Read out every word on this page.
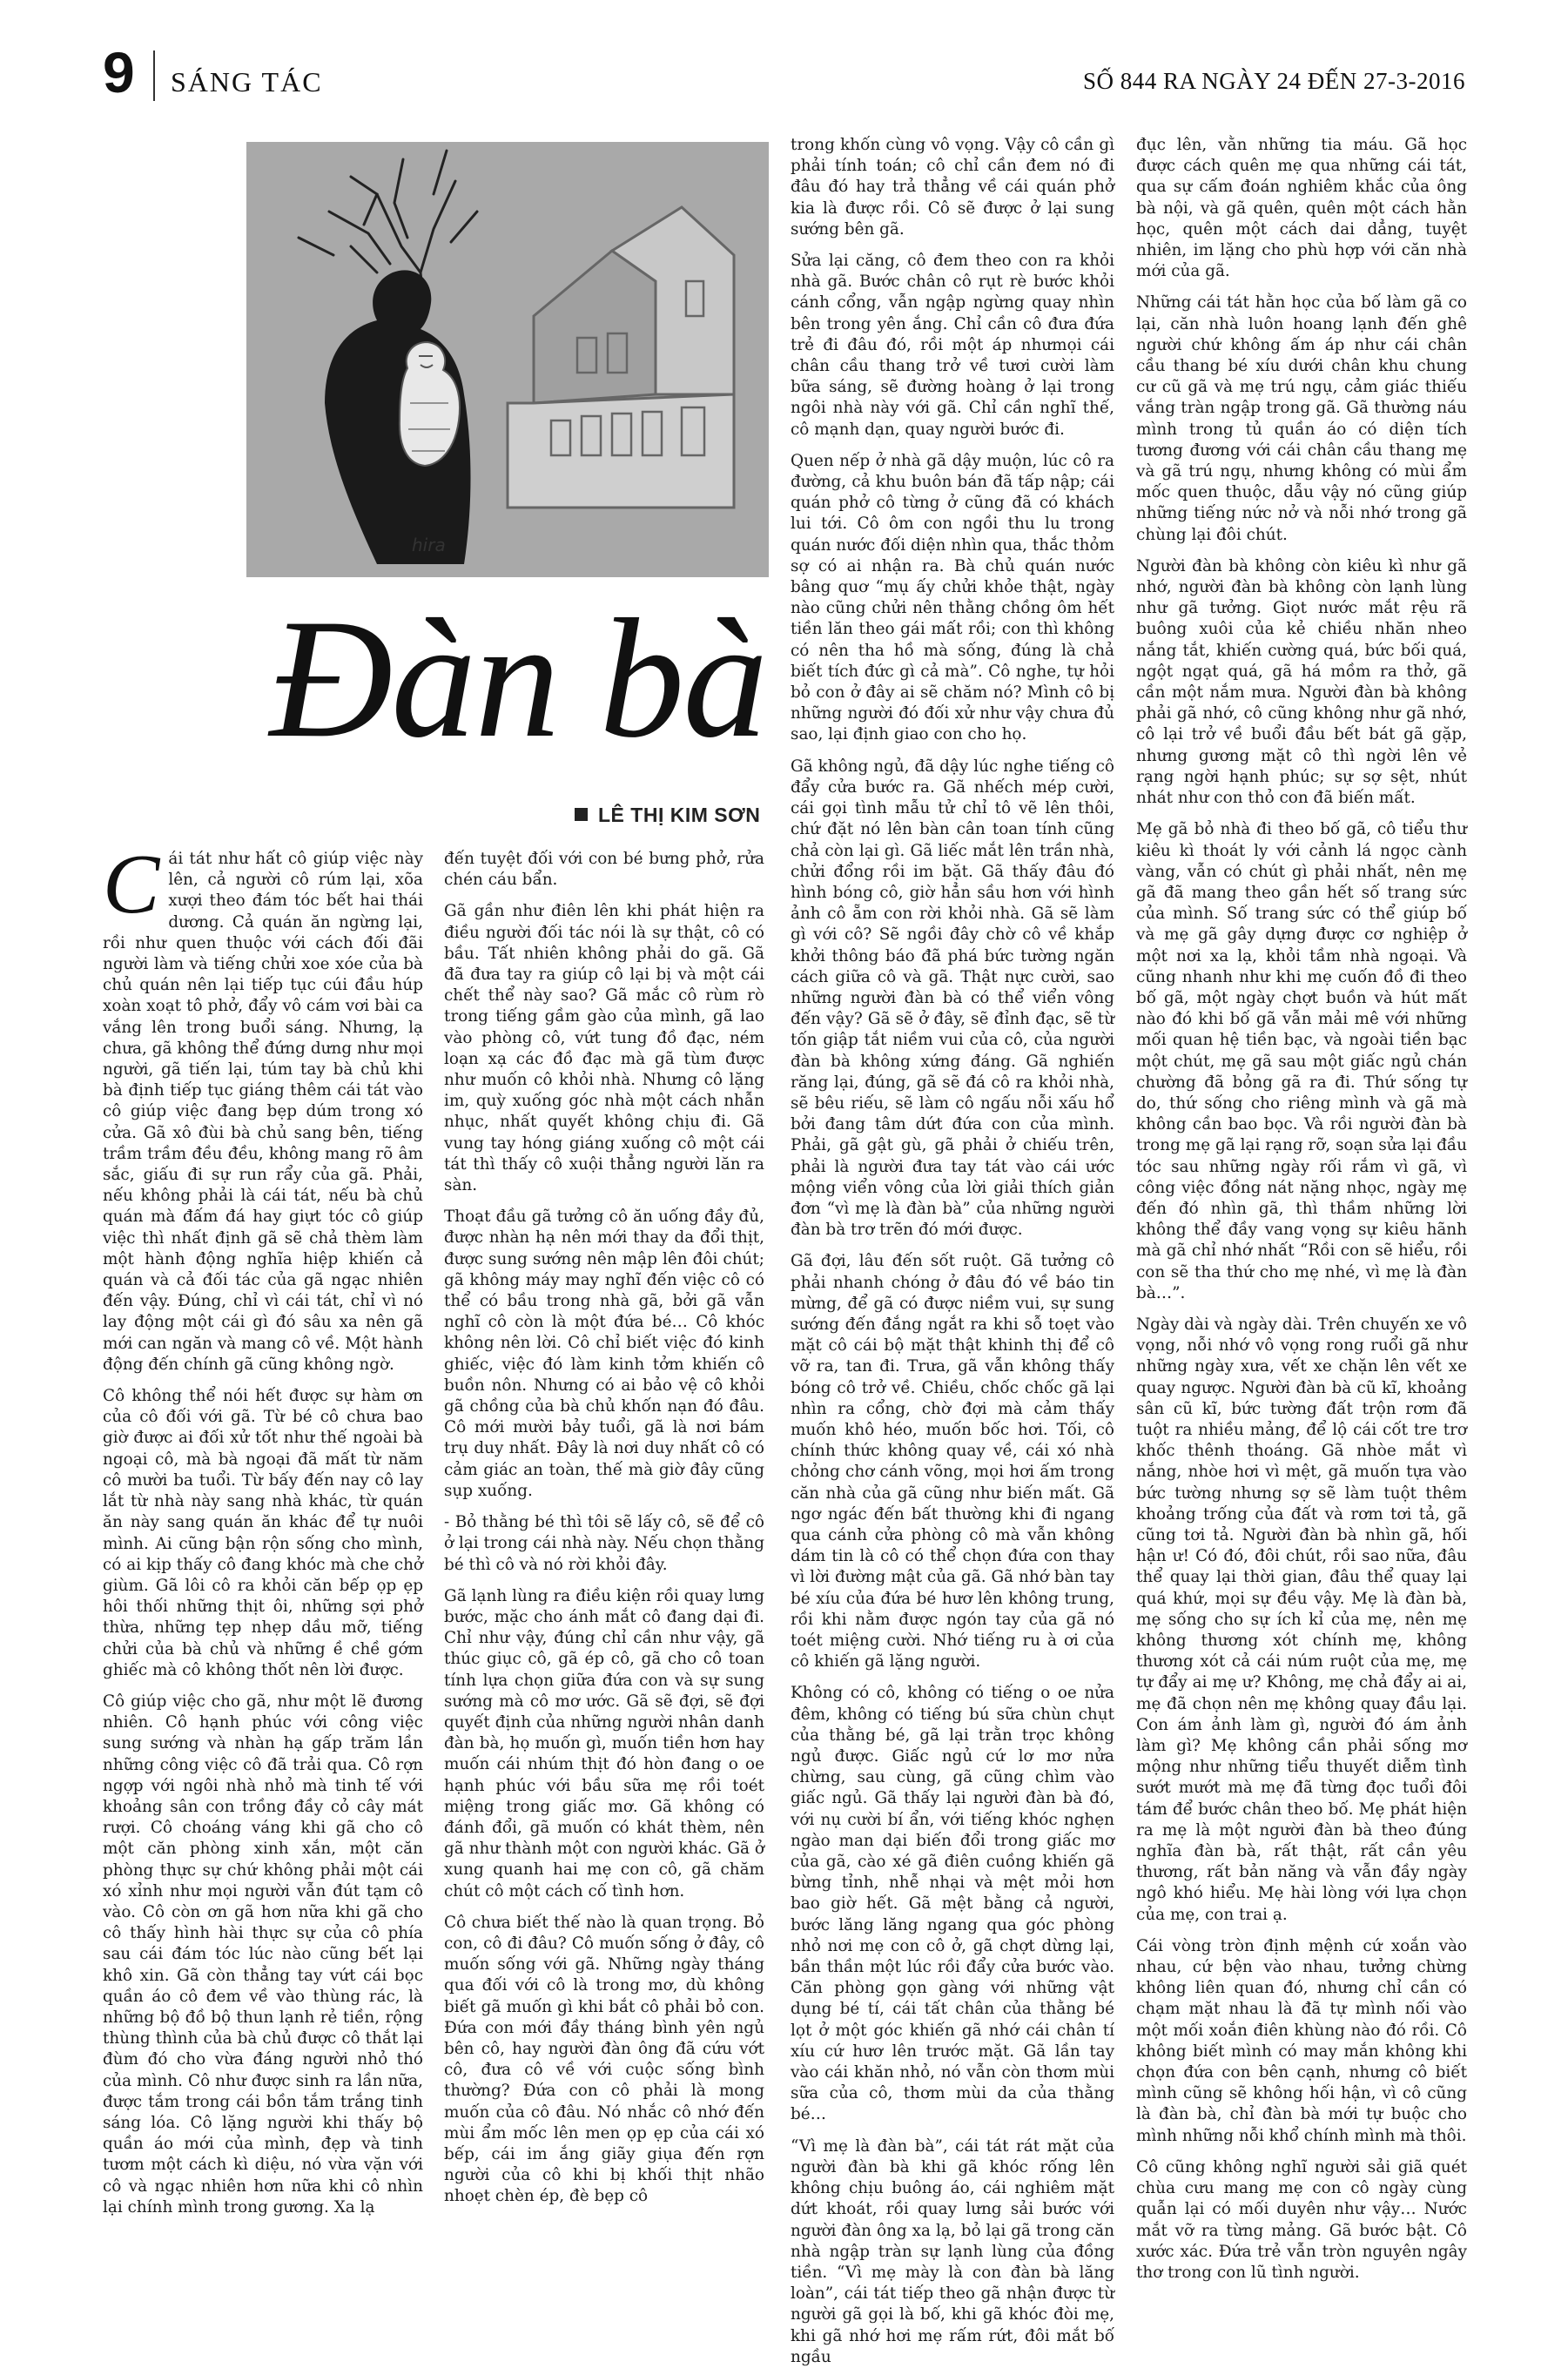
9 SÁNG TÁC	SỐ 844 RA NGÀY 24 ĐẾN 27-3-2016
hira
Đàn bà
LÊ THỊ KIM SƠN

Cái tát như hất cô giúp việc này lên, cả người cô rúm lại, xõa xượi theo đám tóc bết hai thái dương. Cả quán ăn ngừng lại, rồi như quen thuộc với cách đối đãi người làm và tiếng chửi xoe xóe của bà chủ quán nên lại tiếp tục cúi đầu húp xoàn xoạt tô phở, đẩy vô cám vơi bài ca vắng lên trong buổi sáng. Nhưng, lạ chưa, gã không thể đứng dưng như mọi người, gã tiến lại, túm tay bà chủ khi bà định tiếp tục giáng thêm cái tát vào cô giúp việc đang bẹp dúm trong xó cửa. Gã xô đùi bà chủ sang bên, tiếng trầm trầm đều đều, không mang rõ âm sắc, giấu đi sự run rẩy của gã. Phải, nếu không phải là cái tát, nếu bà chủ quán mà đấm đá hay giựt tóc cô giúp việc thì nhất định gã sẽ chả thèm làm một hành động nghĩa hiệp khiến cả quán và cả đối tác của gã ngạc nhiên đến vậy. Đúng, chỉ vì cái tát, chỉ vì nó lay động một cái gì đó sâu xa nên gã mới can ngăn và mang cô về. Một hành động đến chính gã cũng không ngờ.

Cô không thể nói hết được sự hàm ơn của cô đối với gã. Từ bé cô chưa bao giờ được ai đối xử tốt như thế ngoài bà ngoại cô, mà bà ngoại đã mất từ năm cô mười ba tuổi. Từ bấy đến nay cô lay lắt từ nhà này sang nhà khác, từ quán ăn này sang quán ăn khác để tự nuôi mình. Ai cũng bận rộn sống cho mình, có ai kịp thấy cô đang khóc mà che chở giùm. Gã lôi cô ra khỏi căn bếp ọp ẹp hôi thối những thịt ôi, những sợi phở thừa, những tẹp nhẹp dầu mỡ, tiếng chửi của bà chủ và những ề chề gớm ghiếc mà cô không thốt nên lời được.

Cô giúp việc cho gã, như một lẽ đương nhiên. Cô hạnh phúc với công việc sung sướng và nhàn hạ gấp trăm lần những công việc cô đã trải qua. Cô rợn ngợp với ngôi nhà nhỏ mà tinh tế với khoảng sân con trồng đầy cỏ cây mát rượi. Cô choáng váng khi gã cho cô một căn phòng xinh xắn, một căn phòng thực sự chứ không phải một cái xó xỉnh như mọi người vẫn đút tạm cô vào. Cô còn ơn gã hơn nữa khi gã cho cô thấy hình hài thực sự của cô phía sau cái đám tóc lúc nào cũng bết lại khô xin. Gã còn thẳng tay vứt cái bọc quần áo cô đem về vào thùng rác, là những bộ đồ bộ thun lạnh rẻ tiền, rộng thùng thình của bà chủ được cô thắt lại đùm đó cho vừa đáng người nhỏ thó của mình. Cô như được sinh ra lần nữa, được tắm trong cái bồn tắm trắng tinh sáng lóa. Cô lặng người khi thấy bộ quần áo mới của mình, đẹp và tinh tươm một cách kì diệu, nó vừa vặn với cô và ngạc nhiên hơn nữa khi cô nhìn lại chính mình trong gương. Xa lạ

đến tuyệt đối với con bé bưng phở, rửa chén cáu bẩn.

Gã gần như điên lên khi phát hiện ra điều người đối tác nói là sự thật, cô có bầu. Tất nhiên không phải do gã. Gã đã đưa tay ra giúp cô lại bị và một cái chết thể này sao? Gã mắc cô rùm rò trong tiếng gầm gào của mình, gã lao vào phòng cô, vứt tung đồ đạc, ném loạn xạ các đồ đạc mà gã tùm được như muốn cô khỏi nhà. Nhưng cô lặng im, quỳ xuống góc nhà một cách nhẫn nhục, nhất quyết không chịu đi. Gã vung tay hóng giáng xuống cô một cái tát thì thấy cô xuội thẳng người lăn ra sàn.

Thoạt đầu gã tưởng cô ăn uống đầy đủ, được nhàn hạ nên mới thay da đổi thịt, được sung sướng nên mập lên đôi chút; gã không máy may nghĩ đến việc cô có thể có bầu trong nhà gã, bởi gã vẫn nghĩ cô còn là một đứa bé… Cô khóc không nên lời. Cô chỉ biết việc đó kinh ghiếc, việc đó làm kinh tởm khiến cô buồn nôn. Nhưng có ai bảo vệ cô khỏi gã chồng của bà chủ khốn nạn đó đâu. Cô mới mười bảy tuổi, gã là nơi bám trụ duy nhất. Đây là nơi duy nhất cô có cảm giác an toàn, thế mà giờ đây cũng sụp xuống.

- Bỏ thằng bé thì tôi sẽ lấy cô, sẽ để cô ở lại trong cái nhà này. Nếu chọn thằng bé thì cô và nó rời khỏi đây.

Gã lạnh lùng ra điều kiện rồi quay lưng bước, mặc cho ánh mắt cô đang dại đi. Chỉ như vậy, đúng chỉ cần như vậy, gã thúc giục cô, gã ép cô, gã cho cô toan tính lựa chọn giữa đứa con và sự sung sướng mà cô mơ ước. Gã sẽ đợi, sẽ đợi quyết định của những người nhân danh đàn bà, họ muốn gì, muốn tiền hơn hay muốn cái nhúm thịt đó hòn đang o oe hạnh phúc với bầu sữa mẹ rồi toét miệng trong giấc mơ. Gã không có đánh đổi, gã muốn có khát thèm, nên gã như thành một con người khác. Gã ở xung quanh hai mẹ con cô, gã chăm chút cô một cách cố tình hơn.

Cô chưa biết thế nào là quan trọng. Bỏ con, cô đi đâu? Cô muốn sống ở đây, cô muốn sống với gã. Những ngày tháng qua đối với cô là trong mơ, dù không biết gã muốn gì khi bắt cô phải bỏ con. Đứa con mới đầy tháng bình yên ngủ bên cô, hay người đàn ông đã cứu vớt cô, đưa cô về với cuộc sống bình thường? Đứa con cô phải là mong muốn của cô đâu. Nó nhắc cô nhớ đến mùi ẩm mốc lên men ọp ẹp của cái xó bếp, cái im ắng giãy giụa đến rợn người của cô khi bị khối thịt nhão nhoẹt chèn ép, đè bẹp cô

trong khốn cùng vô vọng. Vậy cô cần gì phải tính toán; cô chỉ cần đem nó đi đâu đó hay trả thẳng về cái quán phở kia là được rồi. Cô sẽ được ở lại sung sướng bên gã.

Sửa lại căng, cô đem theo con ra khỏi nhà gã. Bước chân cô rụt rè bước khỏi cánh cổng, vẫn ngập ngừng quay nhìn bên trong yên ắng. Chỉ cần cô đưa đứa trẻ đi đâu đó, rồi một áp nhưmọi cái chân cầu thang trở về tươi cười làm bữa sáng, sẽ đường hoàng ở lại trong ngôi nhà này với gã. Chỉ cần nghĩ thế, cô mạnh dạn, quay người bước đi.

Quen nếp ở nhà gã dậy muộn, lúc cô ra đường, cả khu buôn bán đã tấp nập; cái quán phở cô từng ở cũng đã có khách lui tới. Cô ôm con ngồi thu lu trong quán nước đối diện nhìn qua, thắc thỏm sợ có ai nhận ra. Bà chủ quán nước bâng quơ “mụ ấy chửi khỏe thật, ngày nào cũng chửi nên thằng chồng ôm hết tiền lăn theo gái mất rồi; con thì không có nên tha hồ mà sống, đúng là chả biết tích đức gì cả mà”. Cô nghe, tự hỏi bỏ con ở đây ai sẽ chăm nó? Mình cô bị những người đó đối xử như vậy chưa đủ sao, lại định giao con cho họ.

Gã không ngủ, đã dậy lúc nghe tiếng cô đẩy cửa bước ra. Gã nhếch mép cười, cái gọi tình mẫu tử chỉ tô vẽ lên thôi, chứ đặt nó lên bàn cân toan tính cũng chả còn lại gì. Gã liếc mắt lên trần nhà, chửi đổng rồi im bặt. Gã thấy đâu đó hình bóng cô, giờ hẳn sầu hơn với hình ảnh cô ẵm con rời khỏi nhà. Gã sẽ làm gì với cô? Sẽ ngồi đây chờ cô về khắp khởi thông báo đã phá bức tường ngăn cách giữa cô và gã. Thật nực cười, sao những người đàn bà có thể viển vông đến vậy? Gã sẽ ở đây, sẽ đỉnh đạc, sẽ từ tốn giập tắt niềm vui của cô, của người đàn bà không xứng đáng. Gã nghiến răng lại, đúng, gã sẽ đá cô ra khỏi nhà, sẽ bêu riếu, sẽ làm cô ngấu nỗi xấu hổ bởi đang tâm dứt đứa con của mình. Phải, gã gật gù, gã phải ở chiếu trên, phải là người đưa tay tát vào cái ước mộng viển vông của lời giải thích giản đơn “vì mẹ là đàn bà” của những người đàn bà trơ trẽn đó mới được.

Gã đợi, lâu đến sốt ruột. Gã tưởng cô phải nhanh chóng ở đâu đó về báo tin mừng, để gã có được niềm vui, sự sung sướng đến đắng ngắt ra khi sỗ toẹt vào mặt cô cái bộ mặt thật khinh thị để cô vỡ ra, tan đi. Trưa, gã vẫn không thấy bóng cô trở về. Chiều, chốc chốc gã lại nhìn ra cổng, chờ đợi mà cảm thấy muốn khô héo, muốn bốc hơi. Tối, cô chính thức không quay về, cái xó nhà chỏng chơ cánh võng, mọi hơi ấm trong căn nhà của gã cũng như biến mất. Gã ngơ ngác đến bất thường khi đi ngang qua cánh cửa phòng cô mà vẫn không dám tin là cô có thể chọn đứa con thay vì lời đường mật của gã. Gã nhớ bàn tay bé xíu của đứa bé hươ lên không trung, rồi khi nằm được ngón tay của gã nó toét miệng cười. Nhớ tiếng ru à ơi của cô khiến gã lặng người.

Không có cô, không có tiếng o oe nửa đêm, không có tiếng bú sữa chùn chụt của thằng bé, gã lại trằn trọc không ngủ được. Giấc ngủ cứ lơ mơ nửa chừng, sau cùng, gã cũng chìm vào giấc ngủ. Gã thấy lại người đàn bà đó, với nụ cười bí ẩn, với tiếng khóc nghẹn ngào man dại biến đổi trong giấc mơ của gã, cào xé gã điên cuồng khiến gã bừng tỉnh, nhễ nhại và mệt mỏi hơn bao giờ hết. Gã mệt bằng cả người, bước lăng lăng ngang qua góc phòng nhỏ nơi mẹ con cô ở, gã chợt dừng lại, bần thần một lúc rồi đẩy cửa bước vào. Căn phòng gọn gàng với những vật dụng bé tí, cái tất chân của thằng bé lọt ở một góc khiến gã nhớ cái chân tí xíu cứ hươ lên trước mặt. Gã lần tay vào cái khăn nhỏ, nó vẫn còn thơm mùi sữa của cô, thơm mùi da của thằng bé…

“Vì mẹ là đàn bà”, cái tát rát mặt của người đàn bà khi gã khóc rống lên không chịu buông áo, cái nghiêm mặt dứt khoát, rồi quay lưng sải bước với người đàn ông xa lạ, bỏ lại gã trong căn nhà ngập tràn sự lạnh lùng của đồng tiền. “Vì mẹ mày là con đàn bà lăng loàn”, cái tát tiếp theo gã nhận được từ người gã gọi là bố, khi gã khóc đòi mẹ, khi gã nhớ hơi mẹ rấm rứt, đôi mắt bố ngầu

đục lên, vằn những tia máu. Gã học được cách quên mẹ qua những cái tát, qua sự cấm đoán nghiêm khắc của ông bà nội, và gã quên, quên một cách hằn học, quên một cách dai dẳng, tuyệt nhiên, im lặng cho phù hợp với căn nhà mới của gã.

Những cái tát hằn học của bố làm gã co lại, căn nhà luôn hoang lạnh đến ghê người chứ không ấm áp như cái chân cầu thang bé xíu dưới chân khu chung cư cũ gã và mẹ trú ngụ, cảm giác thiếu vắng tràn ngập trong gã. Gã thường náu mình trong tủ quần áo có diện tích tương đương với cái chân cầu thang mẹ và gã trú ngụ, nhưng không có mùi ẩm mốc quen thuộc, dẫu vậy nó cũng giúp những tiếng nức nở và nỗi nhớ trong gã chùng lại đôi chút.

Người đàn bà không còn kiêu kì như gã nhớ, người đàn bà không còn lạnh lùng như gã tưởng. Giọt nước mắt rệu rã buông xuôi của kẻ chiều nhăn nheo nắng tắt, khiến cường quá, bức bối quá, ngột ngạt quá, gã há mồm ra thở, gã cần một nắm mưa. Người đàn bà không phải gã nhớ, cô cũng không như gã nhớ, cô lại trở về buổi đầu bết bát gã gặp, nhưng gương mặt cô thì ngời lên vẻ rạng ngời hạnh phúc; sự sợ sệt, nhút nhát như con thỏ con đã biến mất.

Mẹ gã bỏ nhà đi theo bố gã, cô tiểu thư kiêu kì thoát ly với cảnh lá ngọc cành vàng, vẫn có chút gì phải nhất, nên mẹ gã đã mang theo gần hết số trang sức của mình. Số trang sức có thể giúp bố và mẹ gã gây dựng được cơ nghiệp ở một nơi xa lạ, khỏi tầm nhà ngoại. Và cũng nhanh như khi mẹ cuốn đồ đi theo bố gã, một ngày chợt buồn và hút mất nào đó khi bố gã vẫn mải mê với những mối quan hệ tiền bạc, và ngoài tiền bạc một chút, mẹ gã sau một giấc ngủ chán chường đã bỏng gã ra đi. Thứ sống tự do, thứ sống cho riêng mình và gã mà không cần bao bọc. Và rồi người đàn bà trong mẹ gã lại rạng rỡ, soạn sửa lại đầu tóc sau những ngày rối rắm vì gã, vì công việc đồng nát nặng nhọc, ngày mẹ đến đó nhìn gã, thì thầm những lời không thể đầy vang vọng sự kiêu hãnh mà gã chỉ nhớ nhất “Rồi con sẽ hiểu, rồi con sẽ tha thứ cho mẹ nhé, vì mẹ là đàn bà…”.

Ngày dài và ngày dài. Trên chuyến xe vô vọng, nỗi nhớ vô vọng rong ruổi gã như những ngày xưa, vết xe chặn lên vết xe quay ngược. Người đàn bà cũ kĩ, khoảng sân cũ kĩ, bức tường đất trộn rơm đã tuột ra nhiều mảng, để lộ cái cốt tre trơ khốc thênh thoáng. Gã nhòe mắt vì nắng, nhòe hơi vì mệt, gã muốn tựa vào bức tường nhưng sợ sẽ làm tuột thêm khoảng trống của đất và rơm tơi tả, gã cũng tơi tả. Người đàn bà nhìn gã, hối hận ư! Có đó, đôi chút, rồi sao nữa, đâu thể quay lại thời gian, đâu thể quay lại quá khứ, mọi sự đều vậy. Mẹ là đàn bà, mẹ sống cho sự ích kỉ của mẹ, nên mẹ không thương xót chính mẹ, không thương xót cả cái núm ruột của mẹ, mẹ tự đẩy ai mẹ ư? Không, mẹ chả đẩy ai ai, mẹ đã chọn nên mẹ không quay đầu lại. Con ám ảnh làm gì, người đó ám ảnh làm gì? Mẹ không cần phải sống mơ mộng như những tiểu thuyết diễm tình sướt mướt mà mẹ đã từng đọc tuổi đôi tám để bước chân theo bố. Mẹ phát hiện ra mẹ là một người đàn bà theo đúng nghĩa đàn bà, rất thật, rất cần yêu thương, rất bản năng và vẫn đầy ngày ngô khó hiểu. Mẹ hài lòng với lựa chọn của mẹ, con trai ạ.

Cái vòng tròn định mệnh cứ xoắn vào nhau, cứ bện vào nhau, tưởng chừng không liên quan đó, nhưng chỉ cần có chạm mặt nhau là đã tự mình nối vào một mối xoắn điên khùng nào đó rồi. Cô không biết mình có may mắn không khi chọn đứa con bên cạnh, nhưng cô biết mình cũng sẽ không hối hận, vì cô cũng là đàn bà, chỉ đàn bà mới tự buộc cho mình những nỗi khổ chính mình mà thôi.

Cô cũng không nghĩ người sải giã quét chùa cưu mang mẹ con cô ngày cùng quẫn lại có mối duyên như vậy… Nước mắt vỡ ra từng mảng. Gã bước bật. Cô xước xác. Đứa trẻ vẫn tròn nguyên ngây thơ trong con lũ tình người.
